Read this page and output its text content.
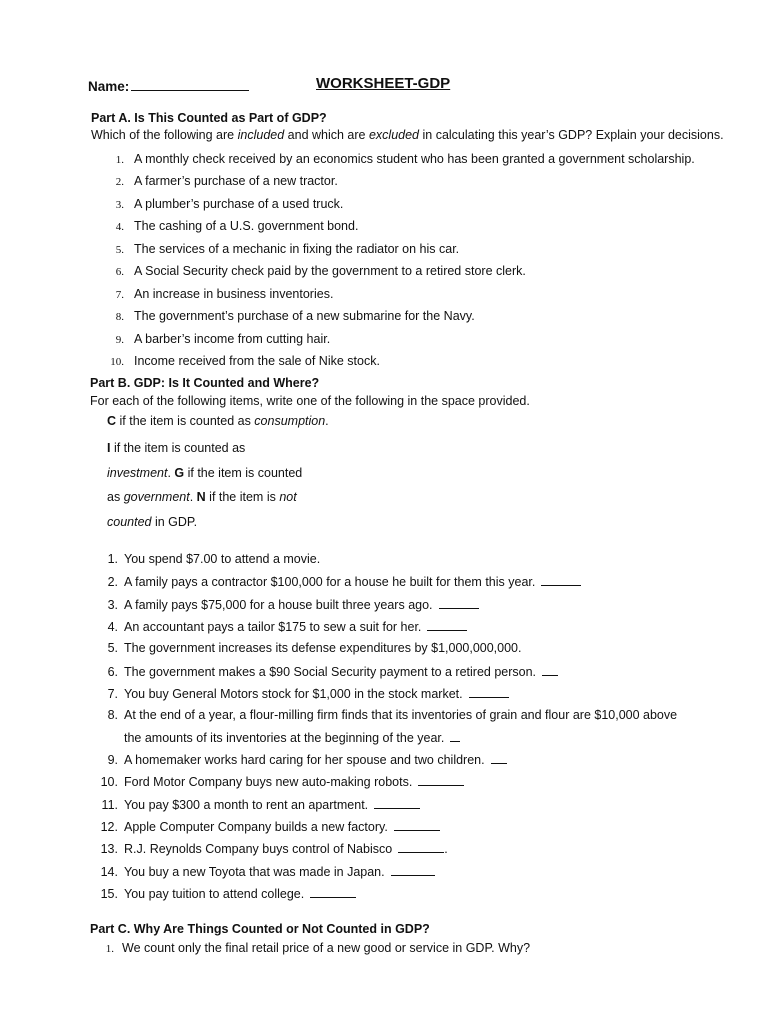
Name:	WORKSHEET-GDP
Part A. Is This Counted as Part of GDP?
Which of the following are included and which are excluded in calculating this year’s GDP? Explain your decisions.
1. A monthly check received by an economics student who has been granted a government scholarship.
2. A farmer’s purchase of a new tractor.
3. A plumber’s purchase of a used truck.
4. The cashing of a U.S. government bond.
5. The services of a mechanic in fixing the radiator on his car.
6. A Social Security check paid by the government to a retired store clerk.
7. An increase in business inventories.
8. The government’s purchase of a new submarine for the Navy.
9. A barber’s income from cutting hair.
10. Income received from the sale of Nike stock.
Part B. GDP: Is It Counted and Where?
For each of the following items, write one of the following in the space provided.
C if the item is counted as consumption.
I if the item is counted as
investment. G if the item is counted
as government. N if the item is not
counted in GDP.
1. You spend $7.00 to attend a movie.
2. A family pays a contractor $100,000 for a house he built for them this year.
3. A family pays $75,000 for a house built three years ago.
4. An accountant pays a tailor $175 to sew a suit for her.
5. The government increases its defense expenditures by $1,000,000,000.
6. The government makes a $90 Social Security payment to a retired person.
7. You buy General Motors stock for $1,000 in the stock market.
8. At the end of a year, a flour-milling firm finds that its inventories of grain and flour are $10,000 above
the amounts of its inventories at the beginning of the year.
9. A homemaker works hard caring for her spouse and two children.
10. Ford Motor Company buys new auto-making robots.
11. You pay $300 a month to rent an apartment.
12. Apple Computer Company builds a new factory.
13. R.J. Reynolds Company buys control of Nabisco	.
14. You buy a new Toyota that was made in Japan.
15. You pay tuition to attend college.
Part C. Why Are Things Counted or Not Counted in GDP?
1. We count only the final retail price of a new good or service in GDP. Why?
